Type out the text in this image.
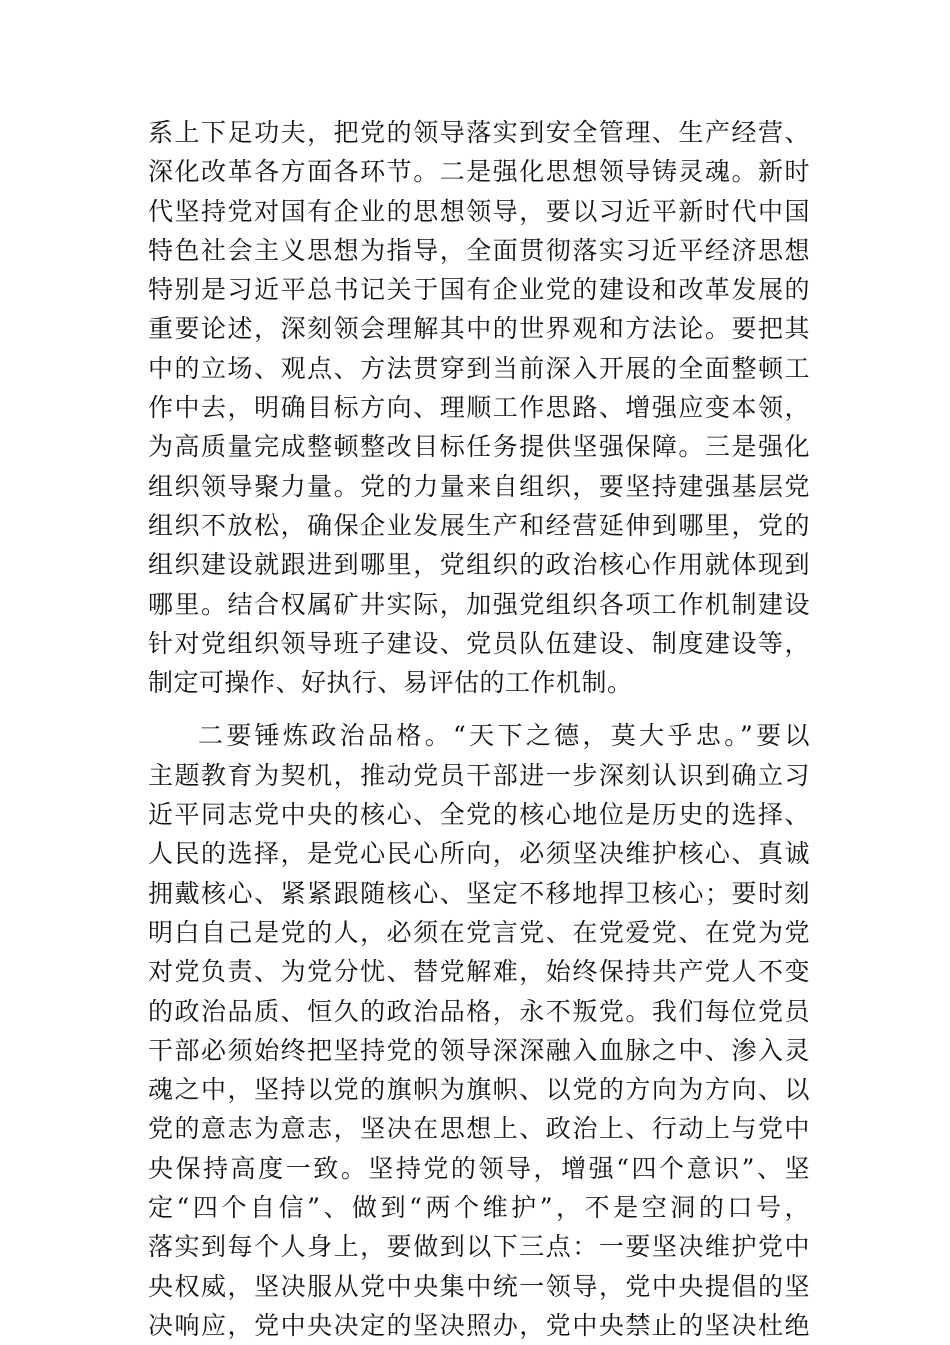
系上下足功夫，把党的领导落实到安全管理、生产经营、
深化改革各方面各环节。二是强化思想领导铸灵魂。新时
代坚持党对国有企业的思想领导，要以习近平新时代中国
特色社会主义思想为指导，全面贯彻落实习近平经济思想
特别是习近平总书记关于国有企业党的建设和改革发展的
重要论述，深刻领会理解其中的世界观和方法论。要把其
中的立场、观点、方法贯穿到当前深入开展的全面整顿工
作中去，明确目标方向、理顺工作思路、增强应变本领，
为高质量完成整顿整改目标任务提供坚强保障。三是强化
组织领导聚力量。党的力量来自组织，要坚持建强基层党
组织不放松，确保企业发展生产和经营延伸到哪里，党的
组织建设就跟进到哪里，党组织的政治核心作用就体现到
哪里。结合权属矿井实际，加强党组织各项工作机制建设
针对党组织领导班子建设、党员队伍建设、制度建设等，
制定可操作、好执行、易评估的工作机制。
二要锤炼政治品格。“天下之德，莫大乎忠。”要以
主题教育为契机，推动党员干部进一步深刻认识到确立习
近平同志党中央的核心、全党的核心地位是历史的选择、
人民的选择，是党心民心所向，必须坚决维护核心、真诚
拥戴核心、紧紧跟随核心、坚定不移地捍卫核心；要时刻
明白自己是党的人，必须在党言党、在党爱党、在党为党
对党负责、为党分忧、替党解难，始终保持共产党人不变
的政治品质、恒久的政治品格，永不叛党。我们每位党员
干部必须始终把坚持党的领导深深融入血脉之中、渗入灵
魂之中，坚持以党的旗帜为旗帜、以党的方向为方向、以
党的意志为意志，坚决在思想上、政治上、行动上与党中
央保持高度一致。坚持党的领导，增强“四个意识”、坚
定“四个自信”、做到“两个维护”，不是空洞的口号，
落实到每个人身上，要做到以下三点：一要坚决维护党中
央权威，坚决服从党中央集中统一领导，党中央提倡的坚
决响应，党中央决定的坚决照办，党中央禁止的坚决杜绝
